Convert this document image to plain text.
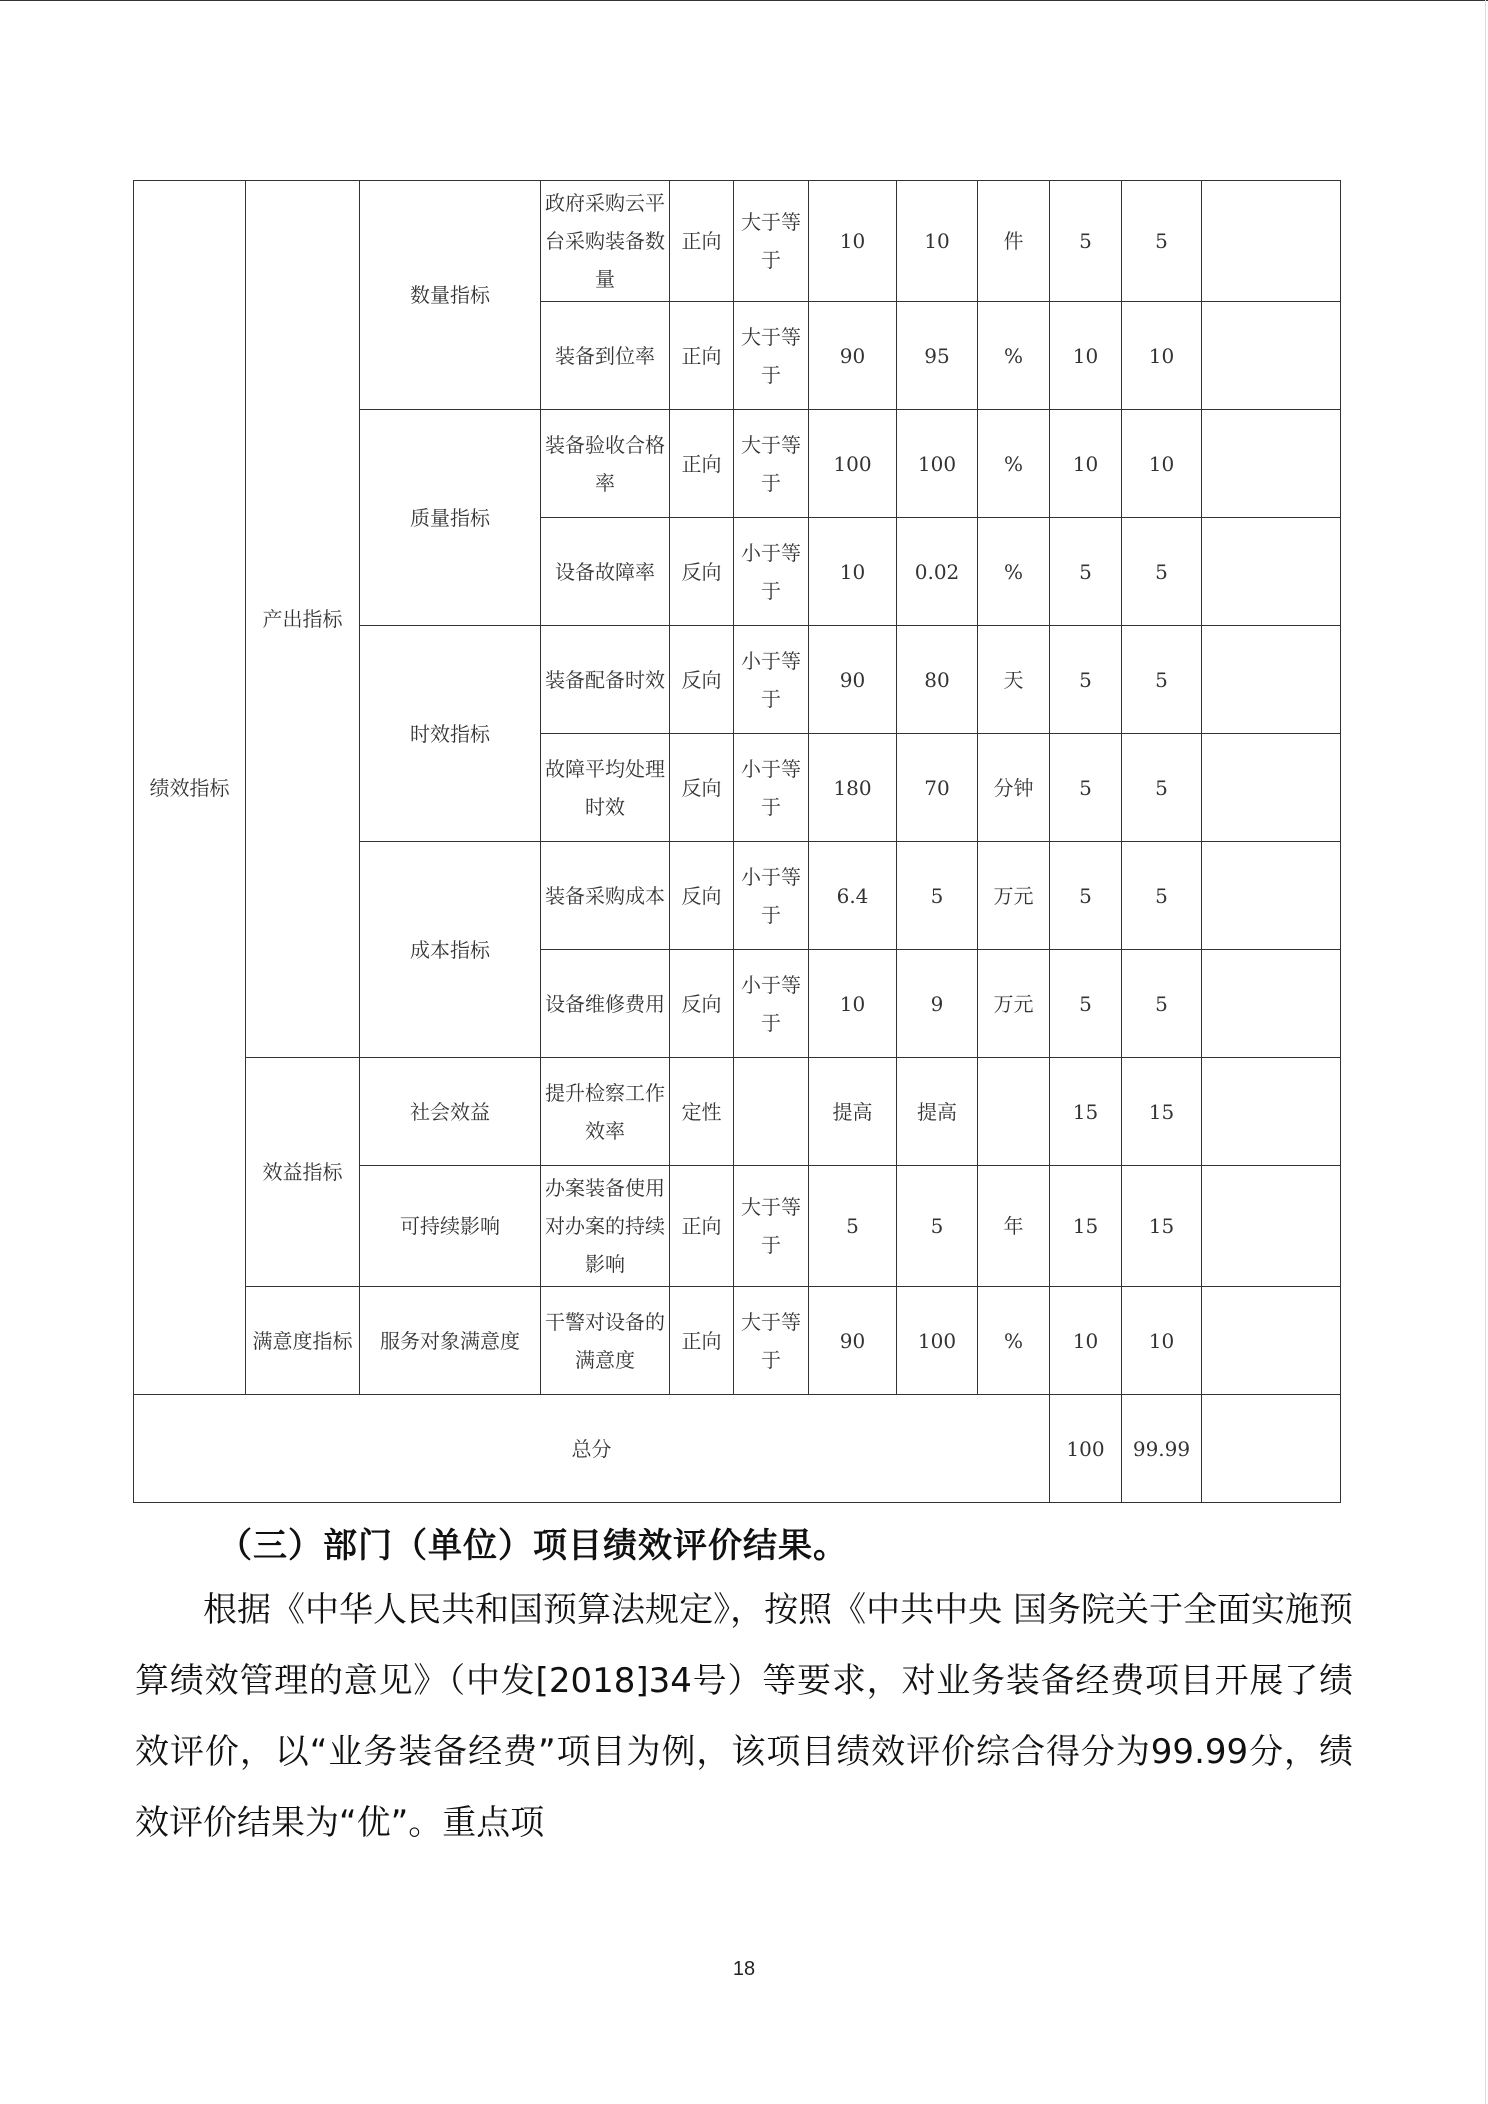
绩效指标	产出指标	数量指标	政府采购云平台采购装备数量	正向	大于等于	10	10	件	5	5	
			装备到位率	正向	大于等于	90	95	%	10	10	
		质量指标	装备验收合格率	正向	大于等于	100	100	%	10	10	
			设备故障率	反向	小于等于	10	0.02	%	5	5	
		时效指标	装备配备时效	反向	小于等于	90	80	天	5	5	
			故障平均处理时效	反向	小于等于	180	70	分钟	5	5	
		成本指标	装备采购成本	反向	小于等于	6.4	5	万元	5	5	
			设备维修费用	反向	小于等于	10	9	万元	5	5	
	效益指标	社会效益	提升检察工作效率	定性		提高	提高		15	15	
		可持续影响	办案装备使用对办案的持续影响	正向	大于等于	5	5	年	15	15	
	满意度指标	服务对象满意度	干警对设备的满意度	正向	大于等于	90	100	%	10	10	
总分									100	99.99	
（三）部门（单位）项目绩效评价结果。
根据《中华人民共和国预算法规定》，按照《中共中央 国务院关于全面实施预算绩效管理的意见》（中发[2018]34号）等要求，对业务装备经费项目开展了绩效评价，以“业务装备经费”项目为例，该项目绩效评价综合得分为99.99分，绩效评价结果为“优”。重点项
18
